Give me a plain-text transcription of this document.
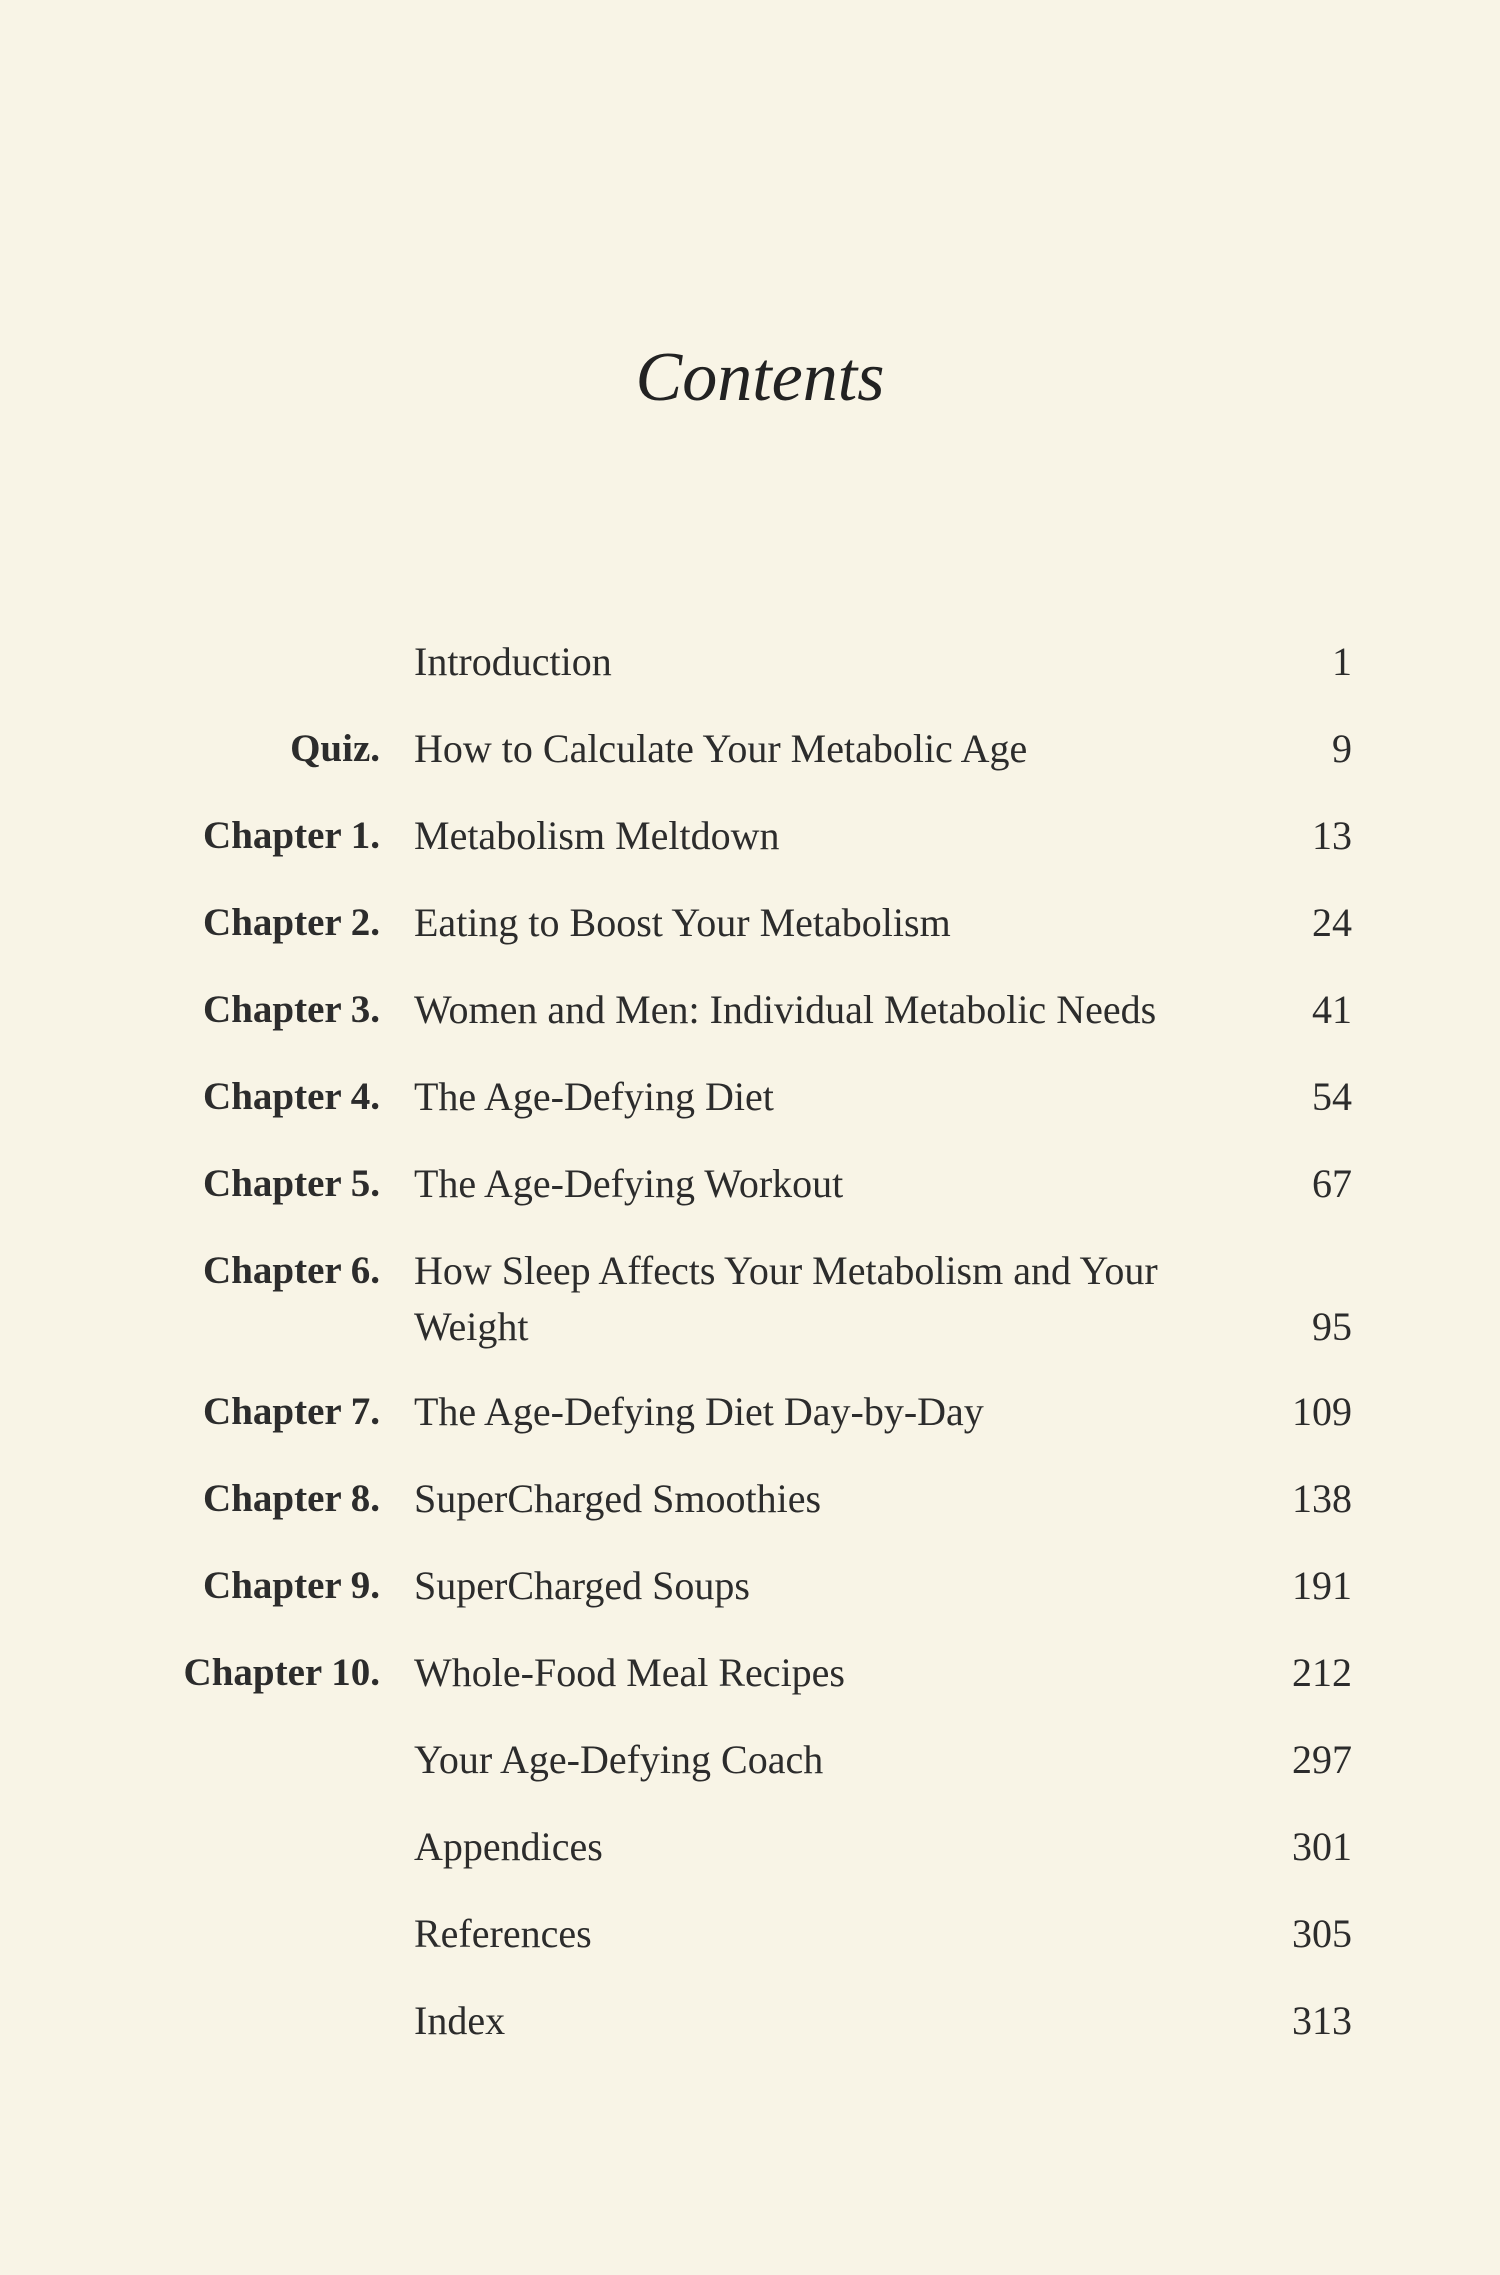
Contents
Introduction	1
Quiz. How to Calculate Your Metabolic Age	9
Chapter 1. Metabolism Meltdown	13
Chapter 2. Eating to Boost Your Metabolism	24
Chapter 3. Women and Men: Individual Metabolic Needs	41
Chapter 4. The Age-Defying Diet	54
Chapter 5. The Age-Defying Workout	67
Chapter 6. How Sleep Affects Your Metabolism and Your Weight	95
Chapter 7. The Age-Defying Diet Day-by-Day	109
Chapter 8. SuperCharged Smoothies	138
Chapter 9. SuperCharged Soups	191
Chapter 10. Whole-Food Meal Recipes	212
Your Age-Defying Coach	297
Appendices	301
References	305
Index	313
